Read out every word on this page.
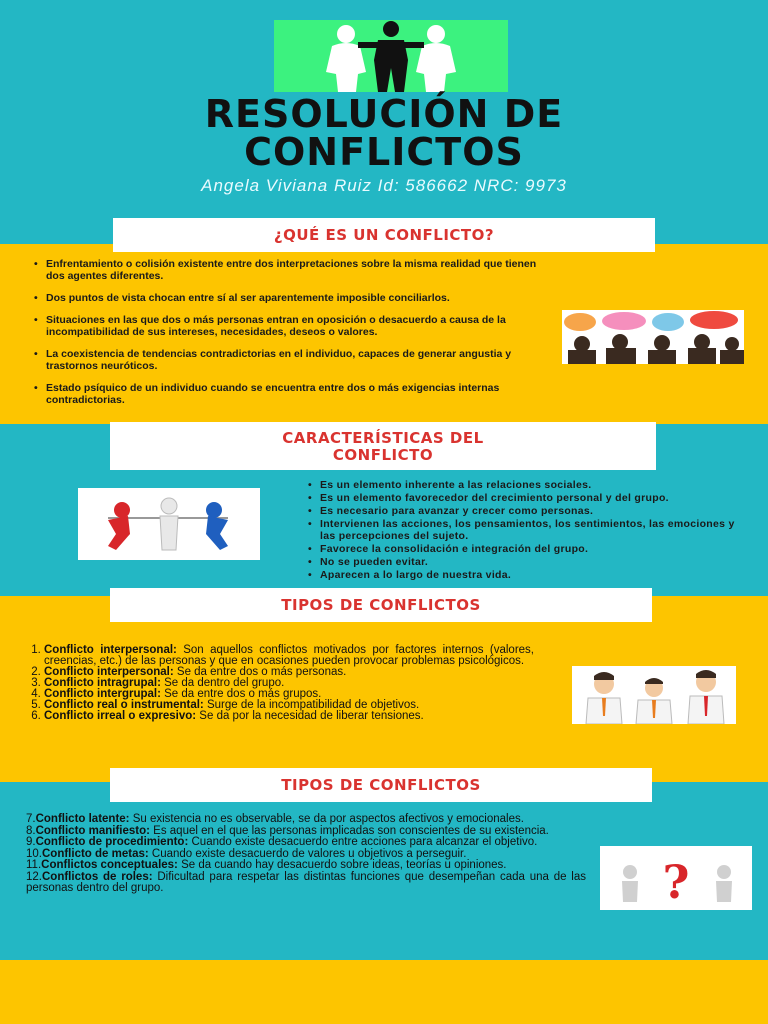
RESOLUCIÓN DE
CONFLICTOS
Angela Viviana Ruiz Id: 586662 NRC: 9973
¿QUÉ ES UN CONFLICTO?
• Enfrentamiento o colisión existente entre dos interpretaciones sobre la misma realidad que tienen dos agentes diferentes.
• Dos puntos de vista chocan entre sí al ser aparentemente imposible conciliarlos.
• Situaciones en las que dos o más personas entran en oposición o desacuerdo a causa de la incompatibilidad de sus intereses, necesidades, deseos o valores.
• La coexistencia de tendencias contradictorias en el individuo, capaces de generar angustia y trastornos neuróticos.
• Estado psíquico de un individuo cuando se encuentra entre dos o más exigencias internas contradictorias.
CARACTERÍSTICAS DEL
CONFLICTO
• Es un elemento inherente a las relaciones sociales.
• Es un elemento favorecedor del crecimiento personal y del grupo.
• Es necesario para avanzar y crecer como personas.
• Intervienen las acciones, los pensamientos, los sentimientos, las emociones y las percepciones del sujeto.
• Favorece la consolidación e integración del grupo.
• No se pueden evitar.
• Aparecen a lo largo de nuestra vida.
TIPOS DE CONFLICTOS
1. Conflicto interpersonal: Son aquellos conflictos motivados por factores internos (valores, creencias, etc.) de las personas y que en ocasiones pueden provocar problemas psicológicos.
2. Conflicto interpersonal: Se da entre dos o más personas.
3. Conflicto intragrupal: Se da dentro del grupo.
4. Conflicto intergrupal: Se da entre dos o más grupos.
5. Conflicto real o instrumental: Surge de la incompatibilidad de objetivos.
6. Conflicto irreal o expresivo: Se da por la necesidad de liberar tensiones.
TIPOS DE CONFLICTOS

7.Conflicto latente: Su existencia no es observable, se da por aspectos afectivos y emocionales.

8.Conflicto manifiesto: Es aquel en el que las personas implicadas son conscientes de su existencia.

9.Conflicto de procedimiento: Cuando existe desacuerdo entre acciones para alcanzar el objetivo.

10.Conflicto de metas: Cuando existe desacuerdo de valores u objetivos a perseguir.

11.Conflictos conceptuales: Se da cuando hay desacuerdo sobre ideas, teorías u opiniones.

12.Conflictos de roles: Dificultad para respetar las distintas funciones que desempeñan cada una de las personas dentro del grupo.	?
